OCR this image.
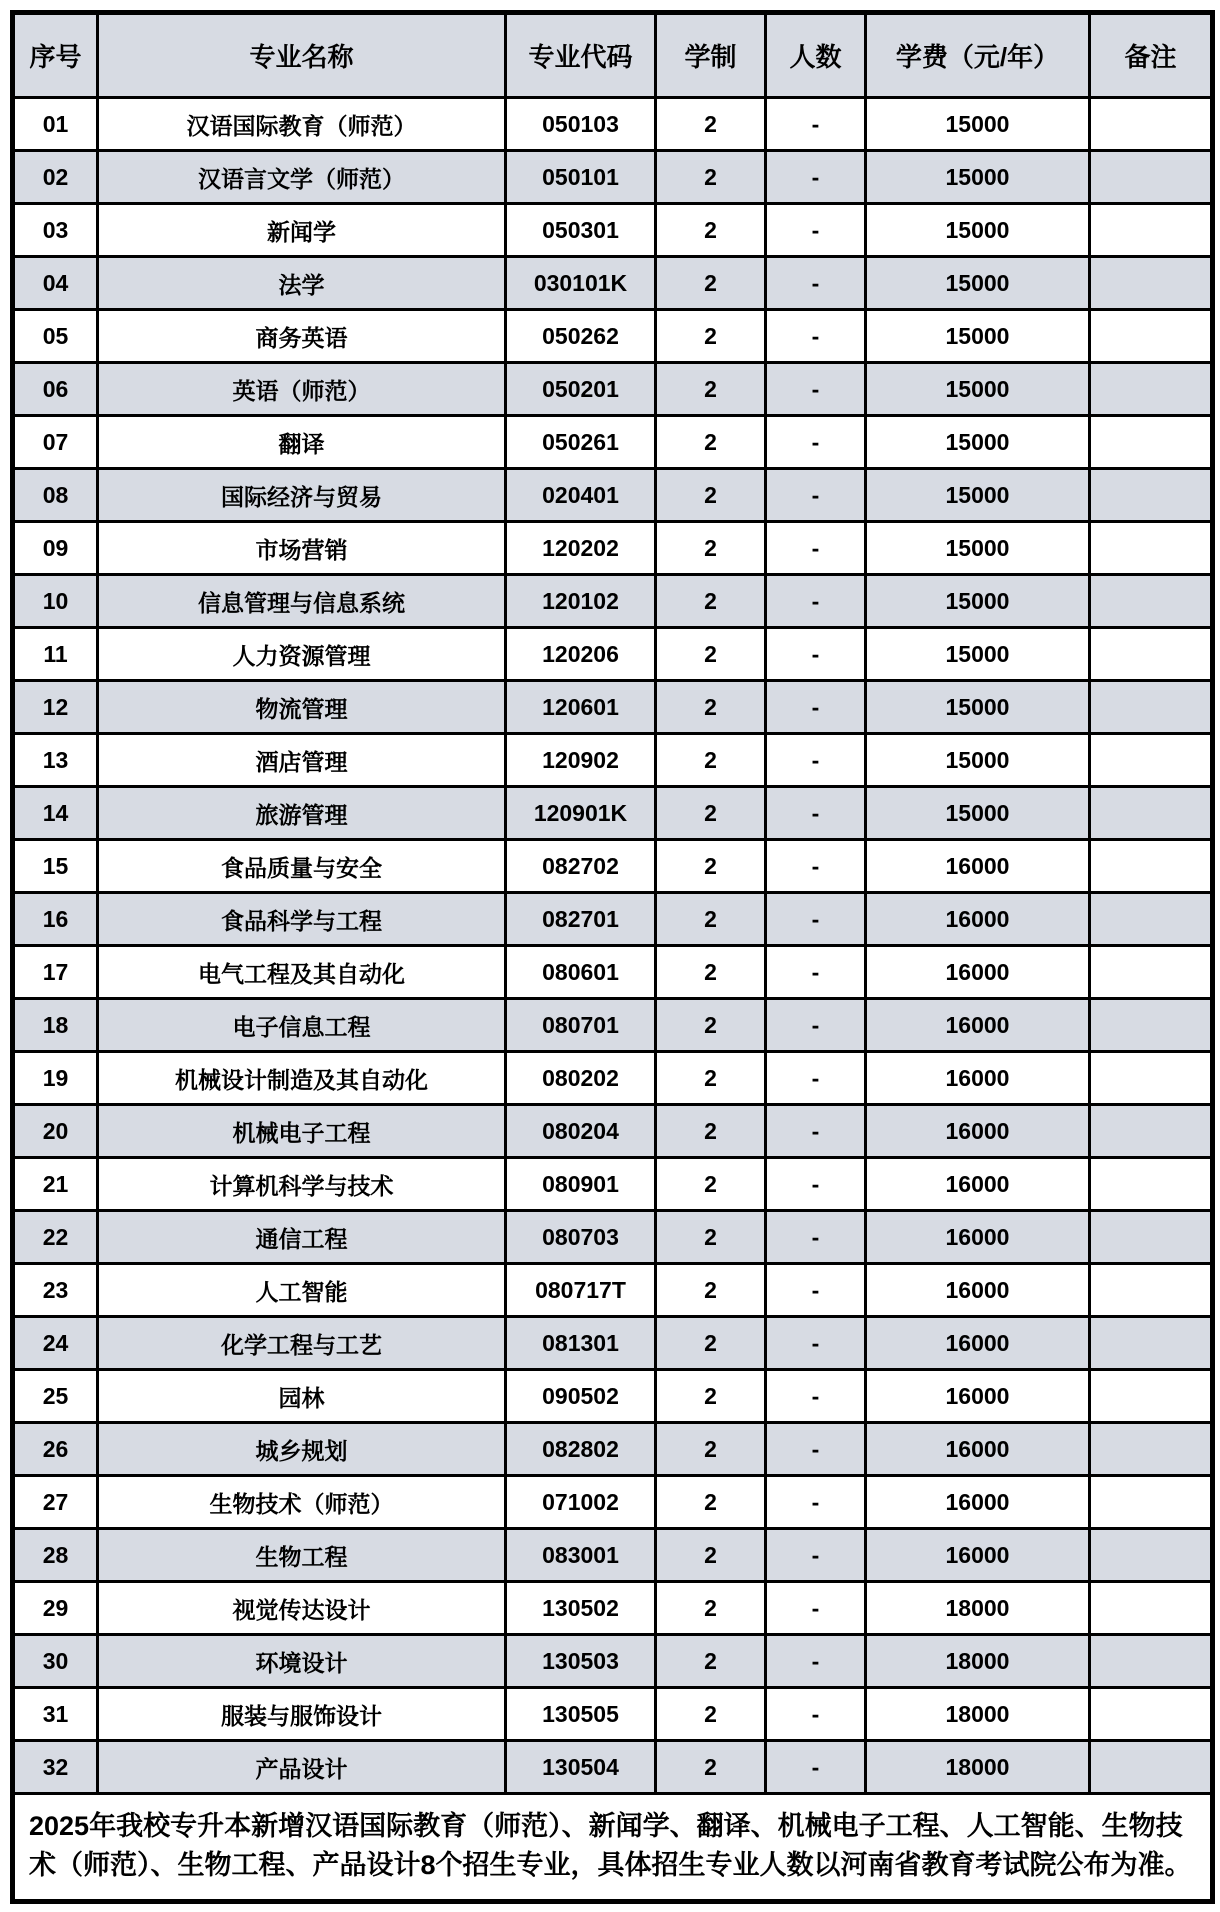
序号	专业名称	专业代码	学制	人数	学费（元/年）	备注
01	汉语国际教育（师范）	050103	2	-	15000	
02	汉语言文学（师范）	050101	2	-	15000	
03	新闻学	050301	2	-	15000	
04	法学	030101K	2	-	15000	
05	商务英语	050262	2	-	15000	
06	英语（师范）	050201	2	-	15000	
07	翻译	050261	2	-	15000	
08	国际经济与贸易	020401	2	-	15000	
09	市场营销	120202	2	-	15000	
10	信息管理与信息系统	120102	2	-	15000	
11	人力资源管理	120206	2	-	15000	
12	物流管理	120601	2	-	15000	
13	酒店管理	120902	2	-	15000	
14	旅游管理	120901K	2	-	15000	
15	食品质量与安全	082702	2	-	16000	
16	食品科学与工程	082701	2	-	16000	
17	电气工程及其自动化	080601	2	-	16000	
18	电子信息工程	080701	2	-	16000	
19	机械设计制造及其自动化	080202	2	-	16000	
20	机械电子工程	080204	2	-	16000	
21	计算机科学与技术	080901	2	-	16000	
22	通信工程	080703	2	-	16000	
23	人工智能	080717T	2	-	16000	
24	化学工程与工艺	081301	2	-	16000	
25	园林	090502	2	-	16000	
26	城乡规划	082802	2	-	16000	
27	生物技术（师范）	071002	2	-	16000	
28	生物工程	083001	2	-	16000	
29	视觉传达设计	130502	2	-	18000	
30	环境设计	130503	2	-	18000	
31	服装与服饰设计	130505	2	-	18000	
32	产品设计	130504	2	-	18000	
2025年我校专升本新增汉语国际教育（师范）、新闻学、翻译、机械电子工程、人工智能、生物技术（师范）、生物工程、产品设计8个招生专业，具体招生专业人数以河南省教育考试院公布为准。						
